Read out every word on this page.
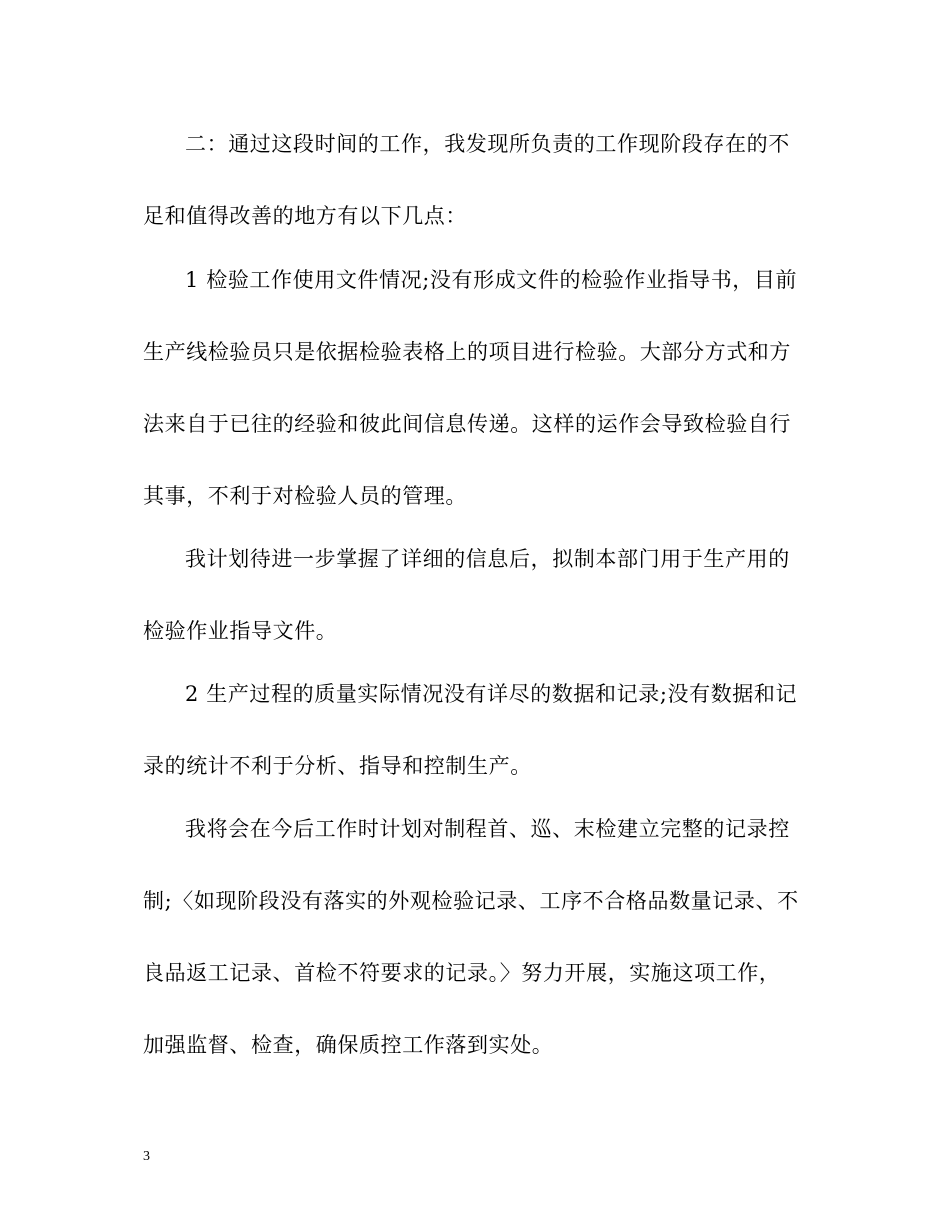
二：通过这段时间的工作，我发现所负责的工作现阶段存在的不
足和值得改善的地方有以下几点：
1 检验工作使用文件情况;没有形成文件的检验作业指导书，目前
生产线检验员只是依据检验表格上的项目进行检验。大部分方式和方
法来自于已往的经验和彼此间信息传递。这样的运作会导致检验自行
其事，不利于对检验人员的管理。
我计划待进一步掌握了详细的信息后，拟制本部门用于生产用的
检验作业指导文件。
2 生产过程的质量实际情况没有详尽的数据和记录;没有数据和记
录的统计不利于分析、指导和控制生产。
我将会在今后工作时计划对制程首、巡、末检建立完整的记录控
制;〈如现阶段没有落实的外观检验记录、工序不合格品数量记录、不
良品返工记录、首检不符要求的记录。〉努力开展，实施这项工作，
加强监督、检查，确保质控工作落到实处。
3
